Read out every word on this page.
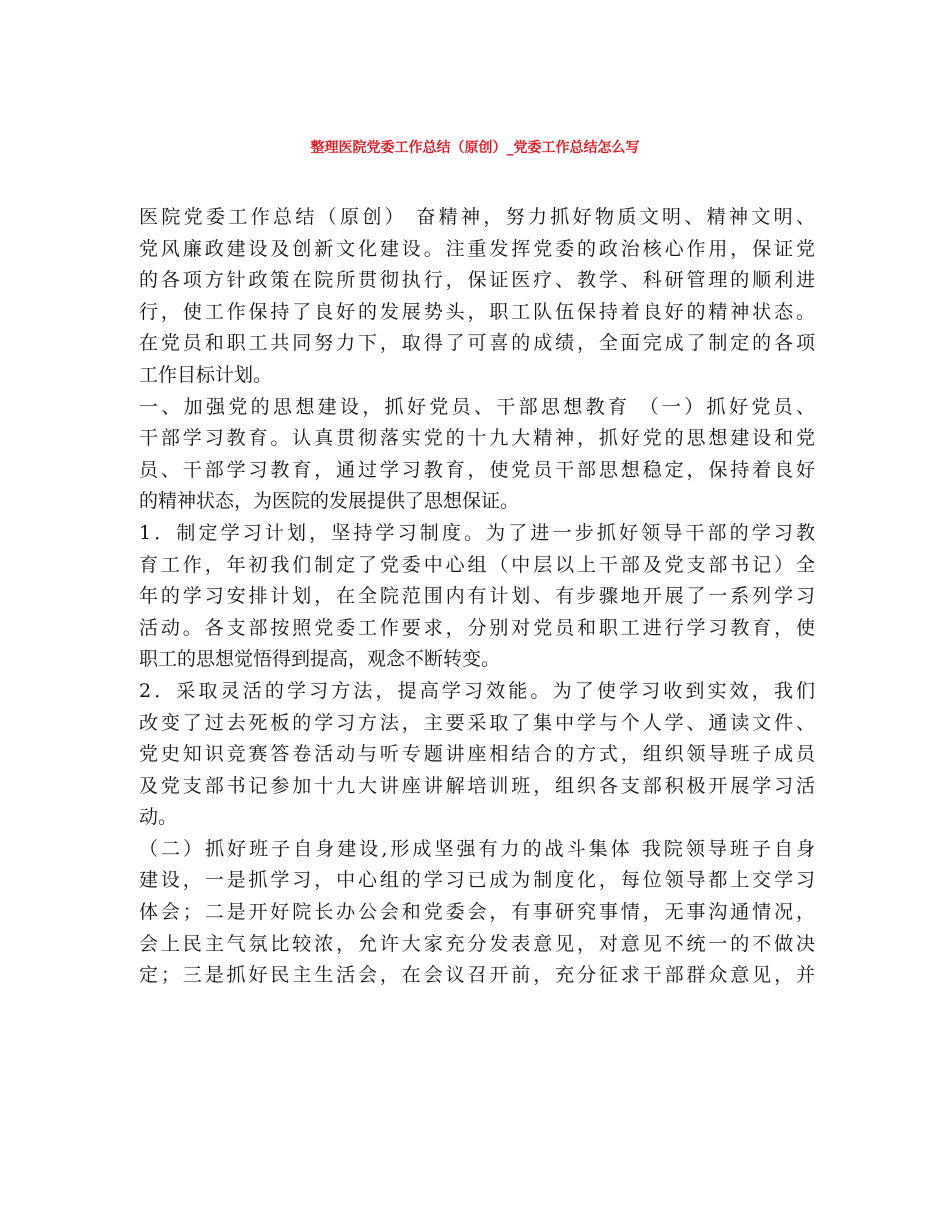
整理医院党委工作总结（原创）_党委工作总结怎么写
医院党委工作总结（原创） 奋精神，努力抓好物质文明、精神文明、
党风廉政建设及创新文化建设。注重发挥党委的政治核心作用，保证党
的各项方针政策在院所贯彻执行，保证医疗、教学、科研管理的顺利进
行，使工作保持了良好的发展势头，职工队伍保持着良好的精神状态。
在党员和职工共同努力下，取得了可喜的成绩，全面完成了制定的各项
工作目标计划。
一、加强党的思想建设，抓好党员、干部思想教育 （一）抓好党员、
干部学习教育。认真贯彻落实党的十九大精神，抓好党的思想建设和党
员、干部学习教育，通过学习教育，使党员干部思想稳定，保持着良好
的精神状态，为医院的发展提供了思想保证。
1．制定学习计划，坚持学习制度。为了进一步抓好领导干部的学习教
育工作，年初我们制定了党委中心组（中层以上干部及党支部书记）全
年的学习安排计划，在全院范围内有计划、有步骤地开展了一系列学习
活动。各支部按照党委工作要求，分别对党员和职工进行学习教育，使
职工的思想觉悟得到提高，观念不断转变。
2．采取灵活的学习方法，提高学习效能。为了使学习收到实效，我们
改变了过去死板的学习方法，主要采取了集中学与个人学、通读文件、
党史知识竞赛答卷活动与听专题讲座相结合的方式，组织领导班子成员
及党支部书记参加十九大讲座讲解培训班，组织各支部积极开展学习活
动。
（二）抓好班子自身建设,形成坚强有力的战斗集体 我院领导班子自身
建设，一是抓学习，中心组的学习已成为制度化，每位领导都上交学习
体会；二是开好院长办公会和党委会，有事研究事情，无事沟通情况，
会上民主气氛比较浓，允许大家充分发表意见，对意见不统一的不做决
定；三是抓好民主生活会，在会议召开前，充分征求干部群众意见，并
